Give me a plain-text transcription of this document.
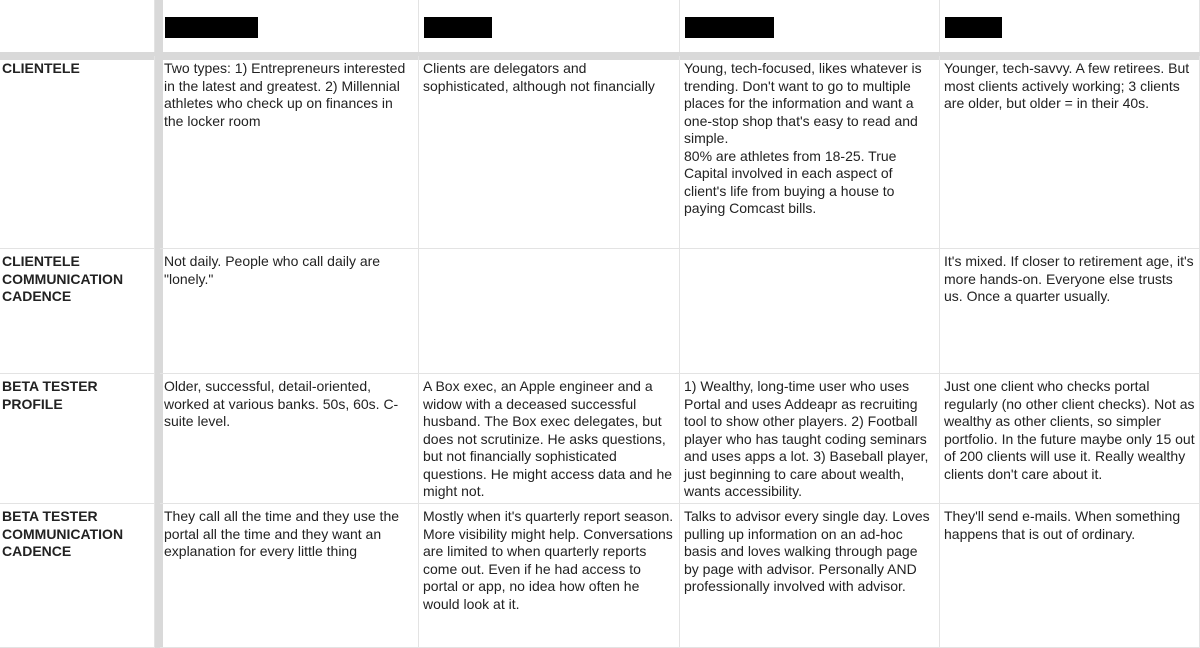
CLIENTELE	Two types: 1) Entrepreneurs interested in the latest and greatest. 2) Millennial athletes who check up on finances in the locker room
Clients are delegators and sophisticated, although not financially
Young, tech-focused, likes whatever is trending. Don't want to go to multiple places for the information and want a one-stop shop that's easy to read and simple.
80% are athletes from 18-25. True Capital involved in each aspect of client's life from buying a house to paying Comcast bills.
Younger, tech-savvy. A few retirees. But most clients actively working; 3 clients are older, but older = in their 40s.
CLIENTELE COMMUNICATION CADENCE
Not daily. People who call daily are "lonely."
It's mixed. If closer to retirement age, it's more hands-on. Everyone else trusts us. Once a quarter usually.
BETA TESTER PROFILE
Older, successful, detail-oriented, worked at various banks. 50s, 60s. C-suite level.
A Box exec, an Apple engineer and a widow with a deceased successful husband. The Box exec delegates, but does not scrutinize. He asks questions, but not financially sophisticated questions. He might access data and he might not.
1) Wealthy, long-time user who uses Portal and uses Addeapr as recruiting tool to show other players. 2) Football player who has taught coding seminars and uses apps a lot. 3) Baseball player, just beginning to care about wealth, wants accessibility.
Just one client who checks portal regularly (no other client checks). Not as wealthy as other clients, so simpler portfolio. In the future maybe only 15 out of 200 clients will use it. Really wealthy clients don't care about it.
BETA TESTER COMMUNICATION CADENCE
They call all the time and they use the portal all the time and they want an explanation for every little thing
Mostly when it's quarterly report season. More visibility might help. Conversations are limited to when quarterly reports come out. Even if he had access to portal or app, no idea how often he would look at it.
Talks to advisor every single day. Loves pulling up information on an ad-hoc basis and loves walking through page by page with advisor. Personally AND professionally involved with advisor.
They'll send e-mails. When something happens that is out of ordinary.
